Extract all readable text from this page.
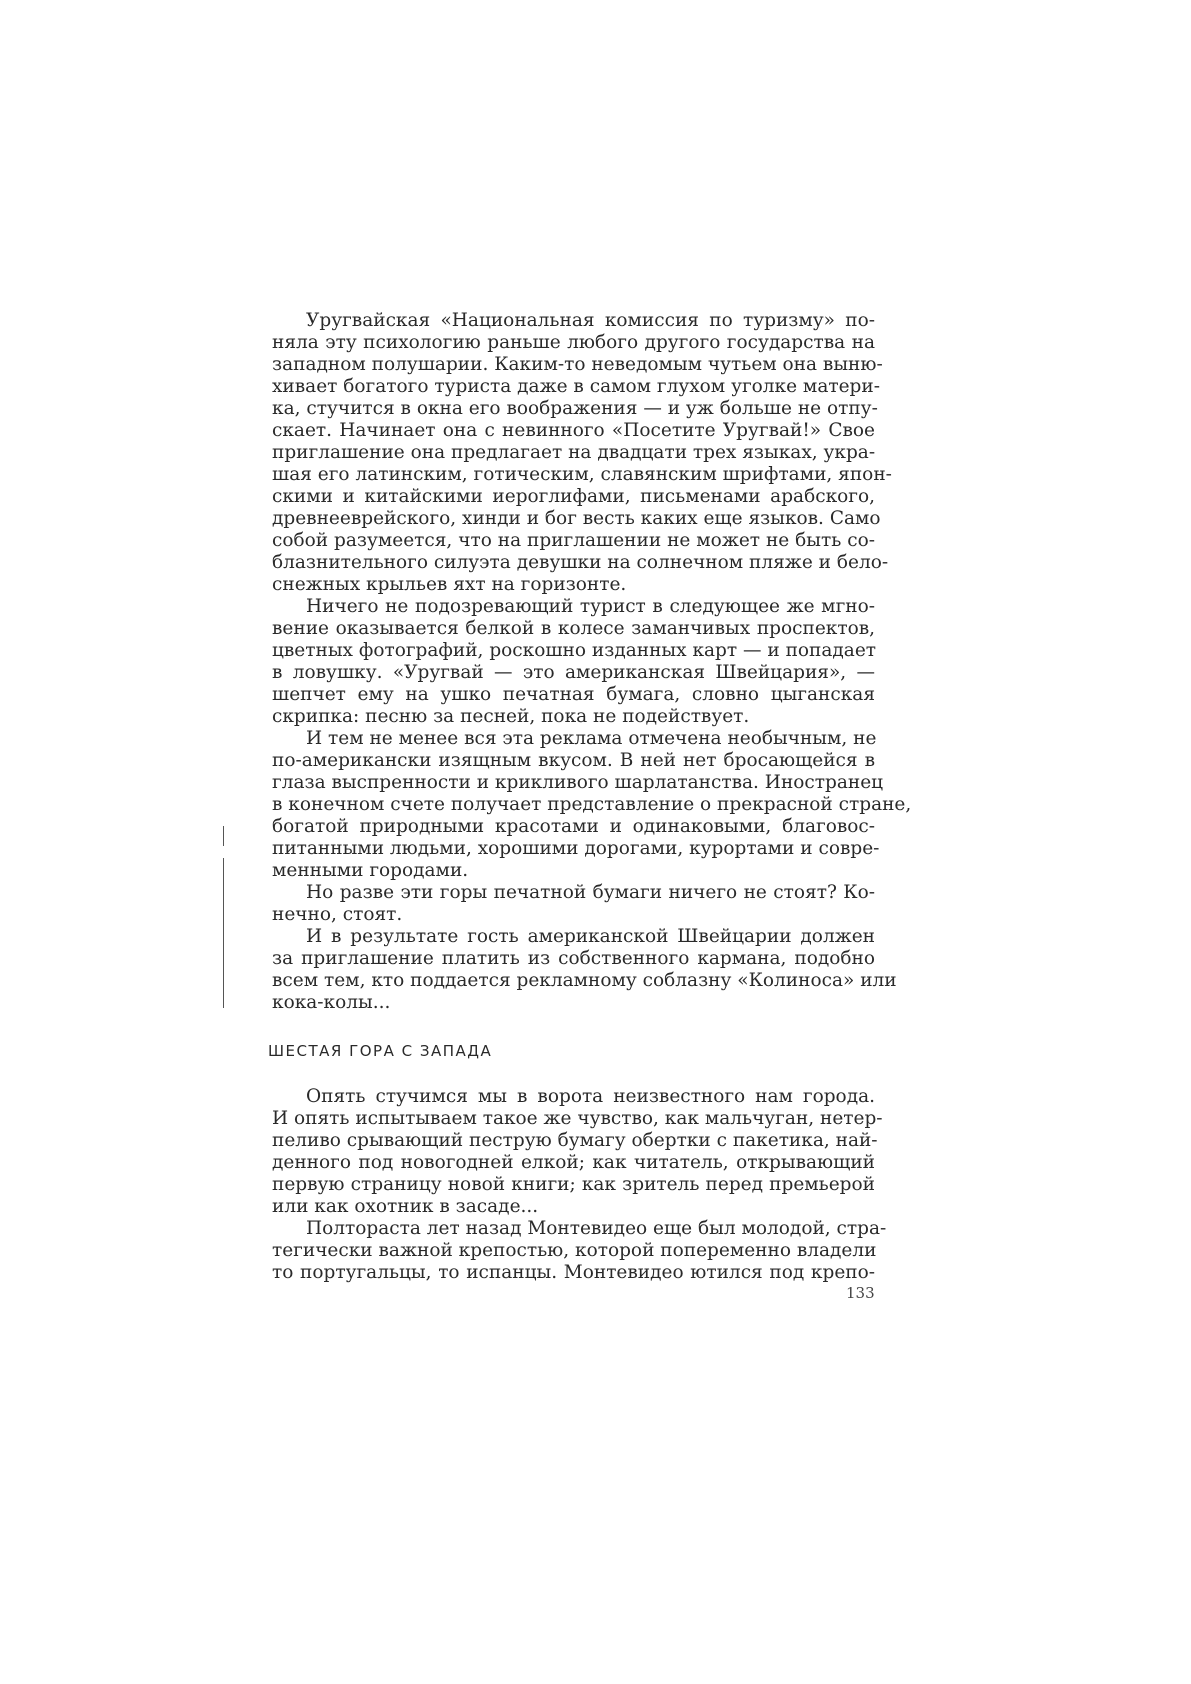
Уругвайская «Национальная комиссия по туризму» по-
няла эту психологию раньше любого другого государства на
западном полушарии. Каким-то неведомым чутьем она выню-
хивает богатого туриста даже в самом глухом уголке матери-
ка, стучится в окна его воображения — и уж больше не отпу-
скает. Начинает она с невинного «Посетите Уругвай!» Свое
приглашение она предлагает на двадцати трех языках, укра-
шая его латинским, готическим, славянским шрифтами, япон-
скими и китайскими иероглифами, письменами арабского,
древнееврейского, хинди и бог весть каких еще языков. Само
собой разумеется, что на приглашении не может не быть со-
блазнительного силуэта девушки на солнечном пляже и бело-
снежных крыльев яхт на горизонте.
Ничего не подозревающий турист в следующее же мгно-
вение оказывается белкой в колесе заманчивых проспектов,
цветных фотографий, роскошно изданных карт — и попадает
в ловушку. «Уругвай — это американская Швейцария», —
шепчет ему на ушко печатная бумага, словно цыганская
скрипка: песню за песней, пока не подействует.
И тем не менее вся эта реклама отмечена необычным, не
по-американски изящным вкусом. В ней нет бросающейся в
глаза выспренности и крикливого шарлатанства. Иностранец
в конечном счете получает представление о прекрасной стране,
богатой природными красотами и одинаковыми, благовос-
питанными людьми, хорошими дорогами, курортами и совре-
менными городами.
Но разве эти горы печатной бумаги ничего не стоят? Ко-
нечно, стоят.
И в результате гость американской Швейцарии должен
за приглашение платить из собственного кармана, подобно
всем тем, кто поддается рекламному соблазну «Колиноса» или
кока-колы...
ШЕСТАЯ ГОРА С ЗАПАДА
Опять стучимся мы в ворота неизвестного нам города.
И опять испытываем такое же чувство, как мальчуган, нетер-
пеливо срывающий пеструю бумагу обертки с пакетика, най-
денного под новогодней елкой; как читатель, открывающий
первую страницу новой книги; как зритель перед премьерой
или как охотник в засаде...
Полтораста лет назад Монтевидео еще был молодой, стра-
тегически важной крепостью, которой попеременно владели
то португальцы, то испанцы. Монтевидео ютился под крепо-
133
